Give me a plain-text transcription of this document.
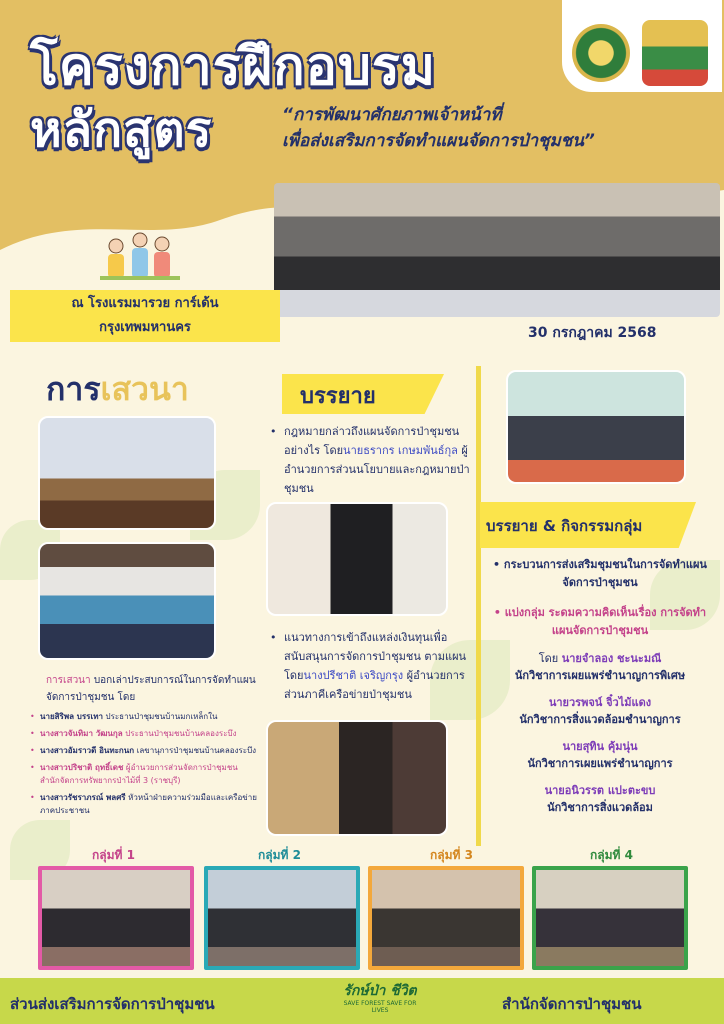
โครงการฝึกอบรม
หลักสูตร	“การพัฒนาศักยภาพเจ้าหน้าที่
เพื่อส่งเสริมการจัดทำแผนจัดการป่าชุมชน”
ณ โรงแรมมารวย การ์เด้น
กรุงเทพมหานคร	30 กรกฎาคม 2568
การเสวนา
การเสวนา บอกเล่าประสบการณ์ในการจัดทำแผนจัดการป่าชุมชน โดย
• นายสิริพล บรรเทา ประธานป่าชุมชนบ้านมกเหล็กใน
• นางสาวจันทิมา วัฒนกุล ประธานป่าชุมชนบ้านคลองระบึง
• นางสาวอัมราวดี อินทะกนก เลขานุการป่าชุมชนบ้านคลองระบึง
• นางสาวปริชาติ ฤทธิ์เดช ผู้อำนวยการส่วนจัดการป่าชุมชน สำนักจัดการทรัพยากรป่าไม้ที่ 3 (ราชบุรี)
• นางสาวรัชราภรณ์ พลศรี หัวหน้าฝ่ายความร่วมมือและเครือข่ายภาคประชาชน
บรรยาย
• กฎหมายกล่าวถึงแผนจัดการป่าชุมชนอย่างไร โดยนายธรากร เกษมพันธ์กุล ผู้อำนวยการส่วนนโยบายและกฎหมายป่าชุมชน
• แนวทางการเข้าถึงแหล่งเงินทุนเพื่อสนับสนุนการจัดการป่าชุมชน ตามแผน โดยนางปรีชาติ เจริญกรุง ผู้อำนวยการส่วนภาคีเครือข่ายป่าชุมชน
บรรยาย & กิจกรรมกลุ่ม
• กระบวนการส่งเสริมชุมชนในการจัดทำแผนจัดการป่าชุมชน
• แบ่งกลุ่ม ระดมความคิดเห็นเรื่อง การจัดทำแผนจัดการป่าชุมชน
โดย นายจำลอง ชะนะมณี
นักวิชาการเผยแพร่ชำนาญการพิเศษ
นายวรพจน์ จิ๋วไม้แดง
นักวิชาการสิ่งแวดล้อมชำนาญการ
นายสุทิน คุ้มนุ่น
นักวิชาการเผยแพร่ชำนาญการ
นายอนิวรรต แปะตะขบ
นักวิชาการสิ่งแวดล้อม
กลุ่มที่ 1	กลุ่มที่ 2	กลุ่มที่ 3	กลุ่มที่ 4
ส่วนส่งเสริมการจัดการป่าชุมชน
รักษ์ป่า ชีวิต
SAVE FOREST SAVE FOR LIVES	สำนักจัดการป่าชุมชน
